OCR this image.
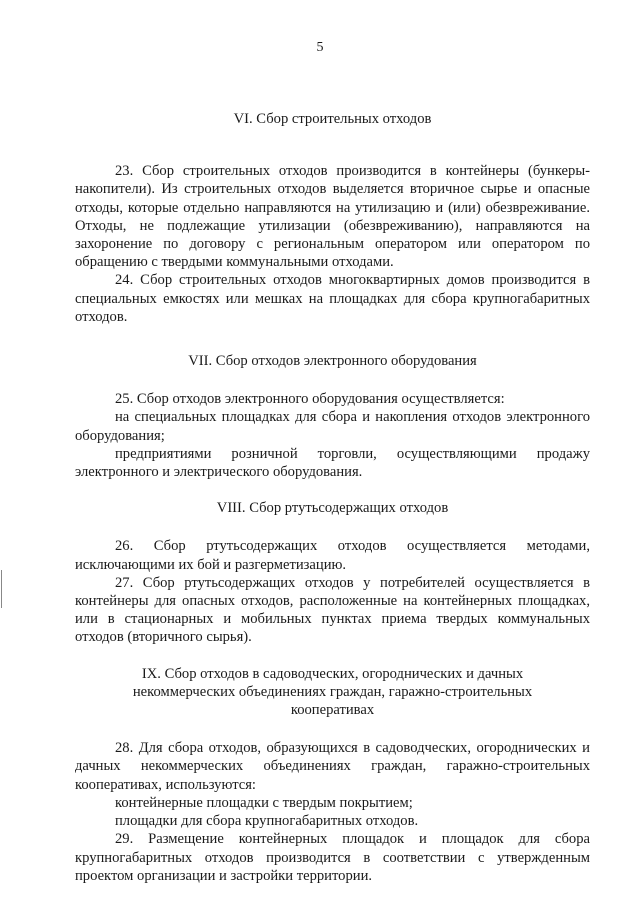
5

VI. Сбор строительных отходов

23. Сбор строительных отходов производится в контейнеры (бункеры-накопители). Из строительных отходов выделяется вторичное сырье и опасные отходы, которые отдельно направляются на утилизацию и (или) обезвреживание. Отходы, не подлежащие утилизации (обезвреживанию), направляются на захоронение по договору с региональным оператором или оператором по обращению с твердыми коммунальными отходами.

24. Сбор строительных отходов многоквартирных домов производится в специальных емкостях или мешках на площадках для сбора крупногабаритных отходов.

VII. Сбор отходов электронного оборудования

25. Сбор отходов электронного оборудования осуществляется:

на специальных площадках для сбора и накопления отходов электронного оборудования;

предприятиями розничной торговли, осуществляющими продажу электронного и электрического оборудования.

VIII. Сбор ртутьсодержащих отходов

26. Сбор ртутьсодержащих отходов осуществляется методами, исключающими их бой и разгерметизацию.

27. Сбор ртутьсодержащих отходов у потребителей осуществляется в контейнеры для опасных отходов, расположенные на контейнерных площадках, или в стационарных и мобильных пунктах приема твердых коммунальных отходов (вторичного сырья).

IX. Сбор отходов в садоводческих, огороднических и дачных

некоммерческих объединениях граждан, гаражно-строительных

кооперативах

28. Для сбора отходов, образующихся в садоводческих, огороднических и дачных некоммерческих объединениях граждан, гаражно-строительных кооперативах, используются:

контейнерные площадки с твердым покрытием;

площадки для сбора крупногабаритных отходов.

29. Размещение контейнерных площадок и площадок для сбора крупногабаритных отходов производится в соответствии с утвержденным проектом организации и застройки территории.
